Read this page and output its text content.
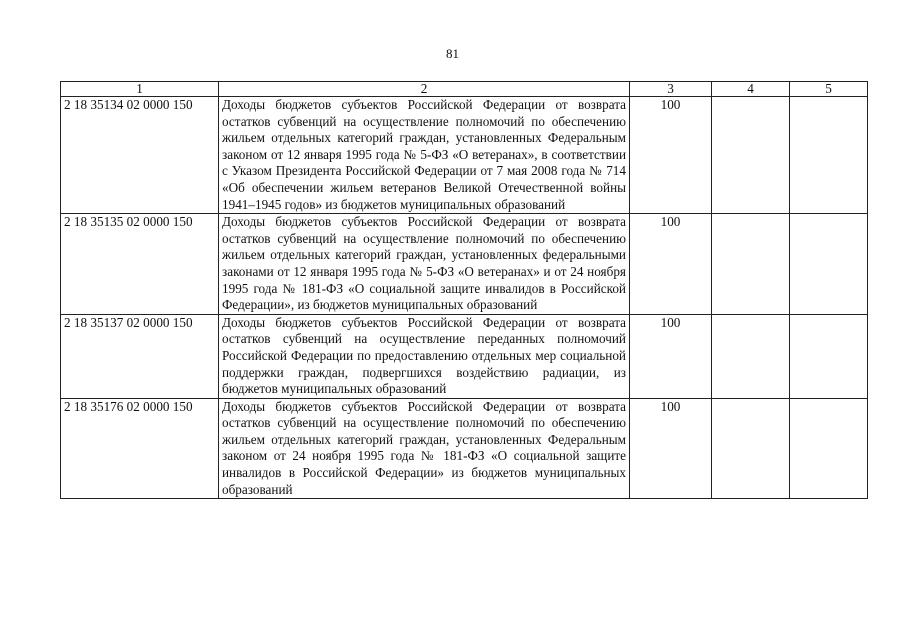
81
1	2	3	4	5
2 18 35134 02 0000 150	Доходы бюджетов субъектов Российской Федерации от возврата остатков субвенций на осуществление полномочий по обеспечению жильем отдельных категорий граждан, установленных Федеральным законом от 12 января 1995 года № 5-ФЗ «О ветеранах», в соответствии с Указом Президента Российской Федерации от 7 мая 2008 года № 714 «Об обеспечении жильем ветеранов Великой Отечественной войны 1941–1945 годов» из бюджетов муниципальных образований	100		
2 18 35135 02 0000 150	Доходы бюджетов субъектов Российской Федерации от возврата остатков субвенций на осуществление полномочий по обеспечению жильем отдельных категорий граждан, установленных федеральными законами от 12 января 1995 года № 5-ФЗ «О ветеранах» и от 24 ноября 1995 года № 181-ФЗ «О социальной защите инвалидов в Российской Федерации», из бюджетов муниципальных образований	100		
2 18 35137 02 0000 150	Доходы бюджетов субъектов Российской Федерации от возврата остатков субвенций на осуществление переданных полномочий Российской Федерации по предоставлению отдельных мер социальной поддержки граждан, подвергшихся воздействию радиации, из бюджетов муниципальных образований	100		
2 18 35176 02 0000 150	Доходы бюджетов субъектов Российской Федерации от возврата остатков субвенций на осуществление полномочий по обеспечению жильем отдельных категорий граждан, установленных Федеральным законом от 24 ноября 1995 года № 181-ФЗ «О социальной защите инвалидов в Российской Федерации» из бюджетов муниципальных образований	100		
